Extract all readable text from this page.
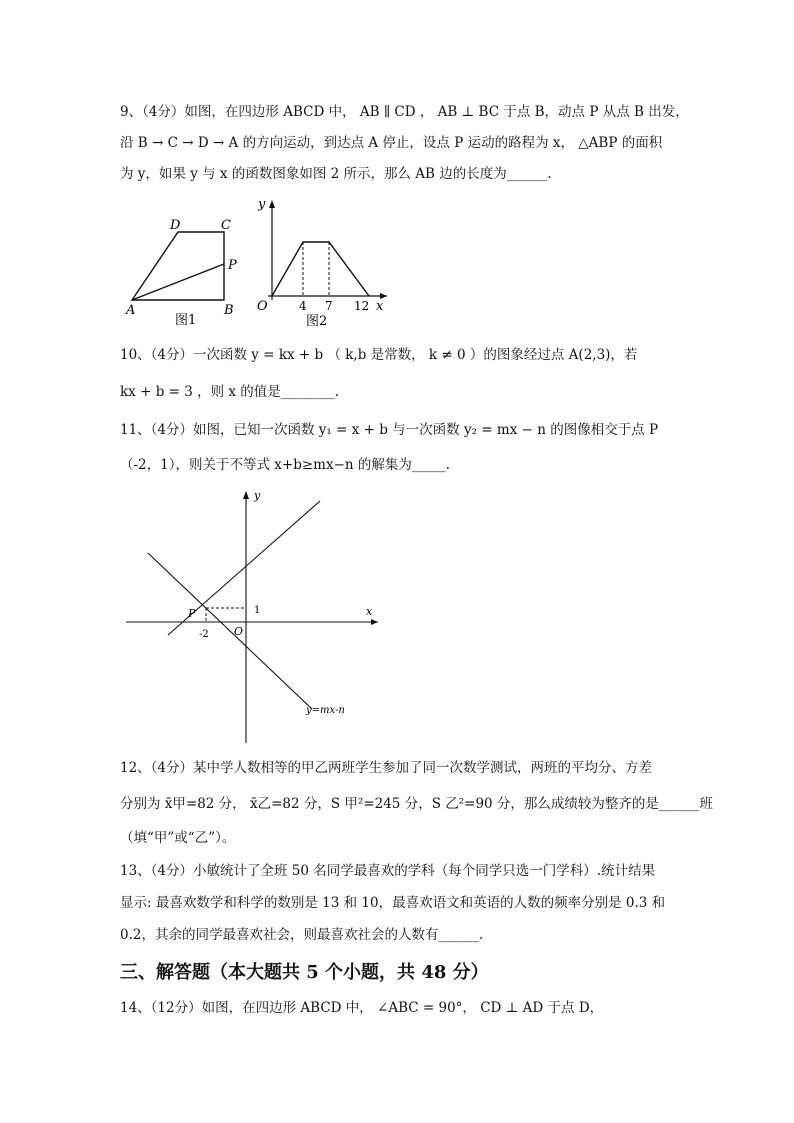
9、（4分）如图，在四边形 ABCD 中， AB ∥ CD ， AB ⊥ BC 于点 B，动点 P 从点 B 出发，
沿 B → C → D → A 的方向运动，到达点 A 停止，设点 P 运动的路程为 x， △ABP 的面积
为 y，如果 y 与 x 的函数图象如图 2 所示，那么 AB 边的长度为______.
A	B
C
D
P
图1
y
x
O	4 7 12
图2
10、（4分）一次函数 y = kx + b （ k,b 是常数， k ≠ 0 ）的图象经过点 A(2,3)，若
kx + b = 3 ，则 x 的值是________.
11、（4分）如图，已知一次函数 y₁ = x + b 与一次函数 y₂ = mx − n 的图像相交于点 P
（-2，1），则关于不等式 x+b≥mx−n 的解集为_____.
y
x
O
P
-2
1
y=mx-n
12、（4分）某中学人数相等的甲乙两班学生参加了同一次数学测试，两班的平均分、方差
分别为 x̄甲=82 分， x̄乙=82 分，S 甲²=245 分，S 乙²=90 分，那么成绩较为整齐的是______班
（填“甲”或“乙”）。
13、（4分）小敏统计了全班 50 名同学最喜欢的学科（每个同学只选一门学科）.统计结果
显示: 最喜欢数学和科学的数别是 13 和 10，最喜欢语文和英语的人数的频率分别是 0.3 和
0.2，其余的同学最喜欢社会，则最喜欢社会的人数有______.
三、解答题（本大题共 5 个小题，共 48 分）
14、（12分）如图，在四边形 ABCD 中， ∠ABC = 90°， CD ⊥ AD 于点 D，
